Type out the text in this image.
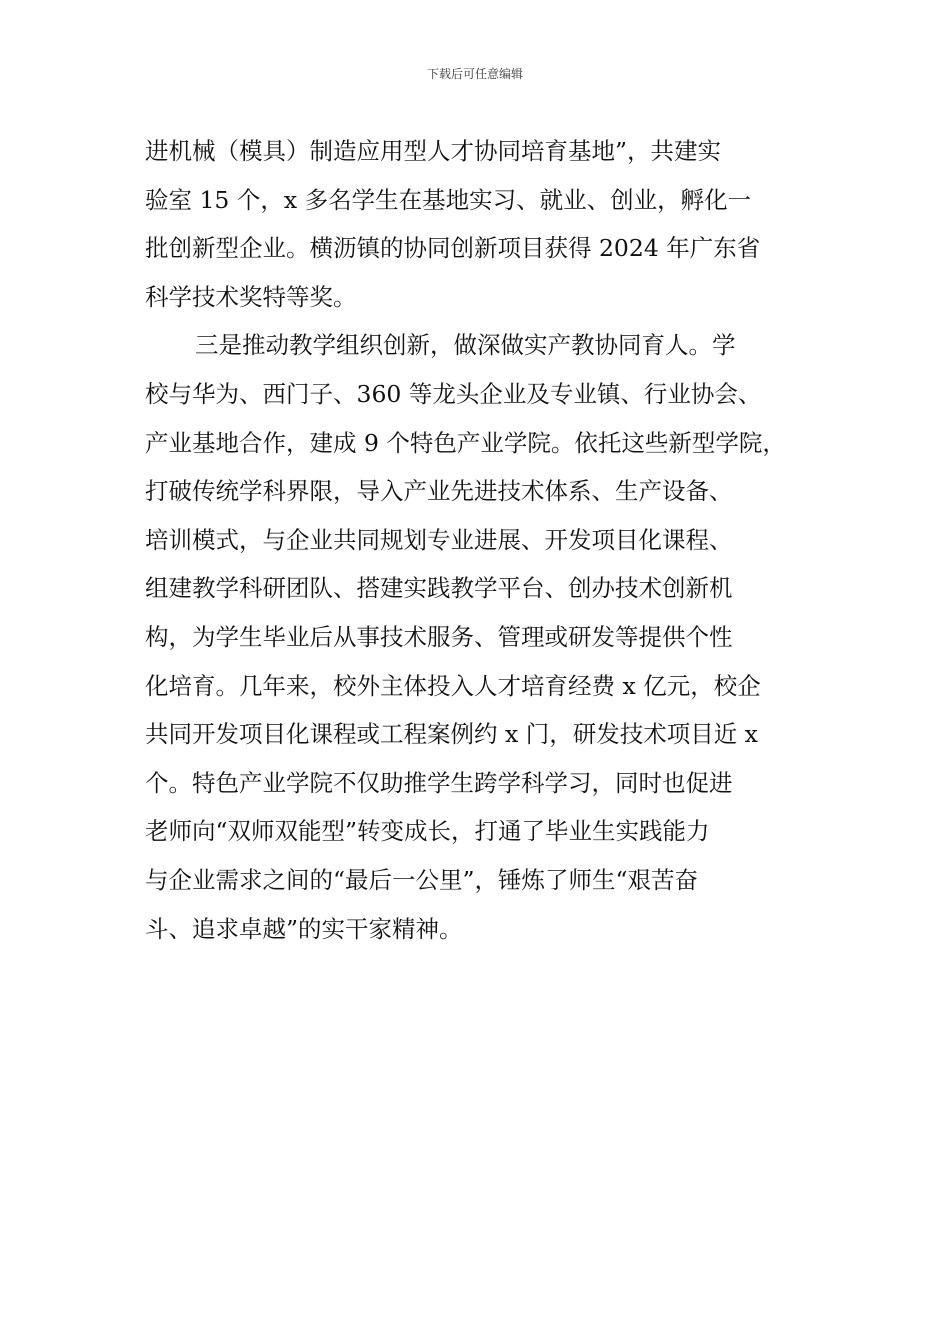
下载后可任意编辑
进机械（模具）制造应用型人才协同培育基地”，共建实
验室 15 个，x 多名学生在基地实习、就业、创业，孵化一
批创新型企业。横沥镇的协同创新项目获得 2024 年广东省
科学技术奖特等奖。
三是推动教学组织创新，做深做实产教协同育人。学
校与华为、西门子、360 等龙头企业及专业镇、行业协会、
产业基地合作，建成 9 个特色产业学院。依托这些新型学院，
打破传统学科界限，导入产业先进技术体系、生产设备、
培训模式，与企业共同规划专业进展、开发项目化课程、
组建教学科研团队、搭建实践教学平台、创办技术创新机
构，为学生毕业后从事技术服务、管理或研发等提供个性
化培育。几年来，校外主体投入人才培育经费 x 亿元，校企
共同开发项目化课程或工程案例约 x 门，研发技术项目近 x
个。特色产业学院不仅助推学生跨学科学习，同时也促进
老师向“双师双能型”转变成长，打通了毕业生实践能力
与企业需求之间的“最后一公里”，锤炼了师生“艰苦奋
斗、追求卓越”的实干家精神。
